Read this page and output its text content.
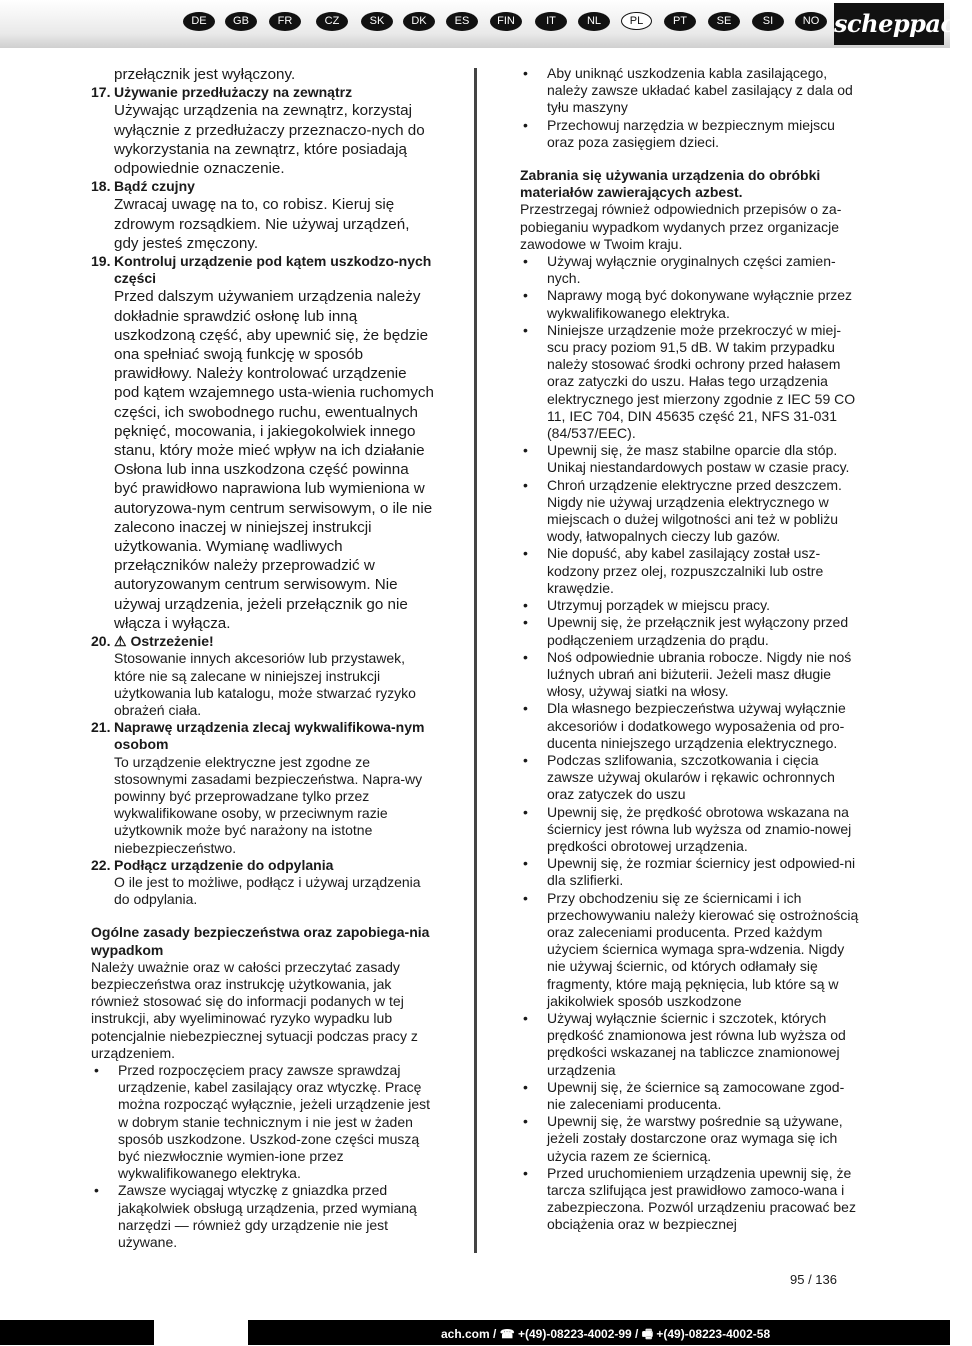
DE	GB	FR	CZ	SK	DK	ES	FIN	IT	NL	PL	PT	SE	SI	NO scheppach
przełącznik jest wyłączony.
17. Używanie przedłużaczy na zewnątrz
Używając urządzenia na zewnątrz, korzystaj wyłącznie z przedłużaczy przeznaczo-nych do wykorzystania na zewnątrz, które posiadają odpowiednie oznaczenie.
18. Bądź czujny
Zwracaj uwagę na to, co robisz. Kieruj się zdrowym rozsądkiem. Nie używaj urządzeń, gdy jesteś zmęczony.
19. Kontroluj urządzenie pod kątem uszkodzo-nych części
Przed dalszym używaniem urządzenia należy dokładnie sprawdzić osłonę lub inną uszkodzoną część, aby upewnić się, że będzie ona spełniać swoją funkcję w sposób prawidłowy. Należy kontrolować urządzenie pod kątem wzajemnego usta-wienia ruchomych części, ich swobodnego ruchu, ewentualnych pęknięć, mocowania, i jakiegokolwiek innego stanu, który może mieć wpływ na ich działanie Osłona lub inna uszkodzona część powinna być prawidłowo naprawiona lub wymieniona w autoryzowa-nym centrum serwisowym, o ile nie zalecono inaczej w niniejszej instrukcji użytkowania. Wymianę wadliwych przełączników należy przeprowadzić w autoryzowanym centrum serwisowym. Nie używaj urządzenia, jeżeli przełącznik go nie włącza i wyłącza.
20. ⚠ Ostrzeżenie!
Stosowanie innych akcesoriów lub przystawek, które nie są zalecane w niniejszej instrukcji użytkowania lub katalogu, może stwarzać ryzyko obrażeń ciała.
21. Naprawę urządzenia zlecaj wykwalifikowa-nym osobom
To urządzenie elektryczne jest zgodne ze stosownymi zasadami bezpieczeństwa. Napra-wy powinny być przeprowadzane tylko przez wykwalifikowane osoby, w przeciwnym razie użytkownik może być narażony na istotne niebezpieczeństwo.
22. Podłącz urządzenie do odpylania
O ile jest to możliwe, podłącz i używaj urządzenia do odpylania.
Ogólne zasady bezpieczeństwa oraz zapobiega-nia wypadkom
Należy uważnie oraz w całości przeczytać zasady bezpieczeństwa oraz instrukcję użytkowania, jak również stosować się do informacji podanych w tej instrukcji, aby wyeliminować ryzyko wypadku lub potencjalnie niebezpiecznej sytuacji podczas pracy z urządzeniem.
• Przed rozpoczęciem pracy zawsze sprawdzaj urządzenie, kabel zasilający oraz wtyczkę. Pracę można rozpocząć wyłącznie, jeżeli urządzenie jest w dobrym stanie technicznym i nie jest w żaden sposób uszkodzone. Uszkod-zone części muszą być niezwłocznie wymien-ione przez wykwalifikowanego elektryka.
• Zawsze wyciągaj wtyczkę z gniazdka przed jakąkolwiek obsługą urządzenia, przed wymianą narzędzi — również gdy urządzenie nie jest używane.
• Aby uniknąć uszkodzenia kabla zasilającego, należy zawsze układać kabel zasilający z dala od tyłu maszyny
• Przechowuj narzędzia w bezpiecznym miejscu oraz poza zasięgiem dzieci.
Zabrania się używania urządzenia do obróbki materiałów zawierających azbest.
Przestrzegaj również odpowiednich przepisów o za-pobieganiu wypadkom wydanych przez organizacje zawodowe w Twoim kraju.
• Używaj wyłącznie oryginalnych części zamien-nych.
• Naprawy mogą być dokonywane wyłącznie przez wykwalifikowanego elektryka.
• Niniejsze urządzenie może przekroczyć w miej-scu pracy poziom 91,5 dB. W takim przypadku należy stosować środki ochrony przed hałasem oraz zatyczki do uszu. Hałas tego urządzenia elektrycznego jest mierzony zgodnie z IEC 59 CO 11, IEC 704, DIN 45635 część 21, NFS 31-031 (84/537/EEC).
• Upewnij się, że masz stabilne oparcie dla stóp. Unikaj niestandardowych postaw w czasie pracy.
• Chroń urządzenie elektryczne przed deszczem. Nigdy nie używaj urządzenia elektrycznego w miejscach o dużej wilgotności ani też w pobliżu wody, łatwopalnych cieczy lub gazów.
• Nie dopuść, aby kabel zasilający został usz-kodzony przez olej, rozpuszczalniki lub ostre krawędzie.
• Utrzymuj porządek w miejscu pracy.
• Upewnij się, że przełącznik jest wyłączony przed podłączeniem urządzenia do prądu.
• Noś odpowiednie ubrania robocze. Nigdy nie noś luźnych ubrań ani biżuterii. Jeżeli masz długie włosy, używaj siatki na włosy.
• Dla własnego bezpieczeństwa używaj wyłącznie akcesoriów i dodatkowego wyposażenia od pro-ducenta niniejszego urządzenia elektrycznego.
• Podczas szlifowania, szczotkowania i cięcia zawsze używaj okularów i rękawic ochronnych oraz zatyczek do uszu
• Upewnij się, że prędkość obrotowa wskazana na ściernicy jest równa lub wyższa od znamio-nowej prędkości obrotowej urządzenia.
• Upewnij się, że rozmiar ściernicy jest odpowied-ni dla szlifierki.
• Przy obchodzeniu się ze ściernicami i ich przechowywaniu należy kierować się ostrożnością oraz zaleceniami producenta. Przed każdym użyciem ściernica wymaga spra-wdzenia. Nigdy nie używaj ściernic, od których odłamały się fragmenty, które mają pęknięcia, lub które są w jakikolwiek sposób uszkodzone
• Używaj wyłącznie ściernic i szczotek, których prędkość znamionowa jest równa lub wyższa od prędkości wskazanej na tabliczce znamionowej urządzenia
• Upewnij się, że ściernice są zamocowane zgod-nie zaleceniami producenta.
• Upewnij się, że warstwy pośrednie są używane, jeżeli zostały dostarczone oraz wymaga się ich użycia razem ze ściernicą.
• Przed uruchomieniem urządzenia upewnij się, że tarcza szlifująca jest prawidłowo zamoco-wana i zabezpieczona. Pozwól urządzeniu pracować bez obciążenia oraz w bezpiecznej
95 / 136
ach.com / ☎ +(49)-08223-4002-99 / 🖷 +(49)-08223-4002-58
